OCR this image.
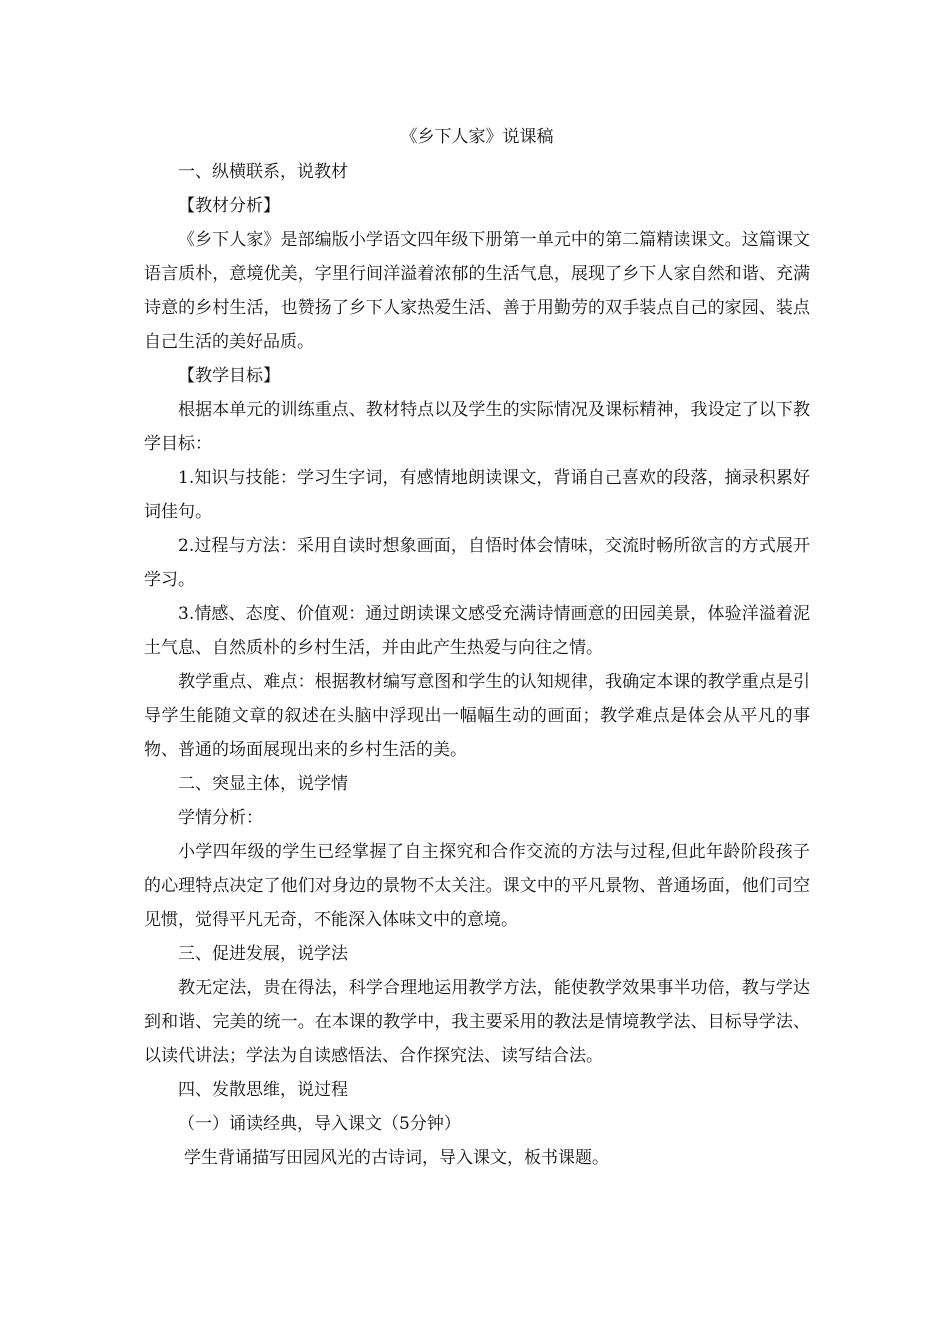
《乡下人家》说课稿

一、纵横联系，说教材

【教材分析】

《乡下人家》是部编版小学语文四年级下册第一单元中的第二篇精读课文。这篇课文语言质朴，意境优美，字里行间洋溢着浓郁的生活气息，展现了乡下人家自然和谐、充满诗意的乡村生活，也赞扬了乡下人家热爱生活、善于用勤劳的双手装点自己的家园、装点自己生活的美好品质。

【教学目标】

根据本单元的训练重点、教材特点以及学生的实际情况及课标精神，我设定了以下教学目标：

1.知识与技能：学习生字词，有感情地朗读课文，背诵自己喜欢的段落，摘录积累好词佳句。

2.过程与方法：采用自读时想象画面，自悟时体会情味，交流时畅所欲言的方式展开学习。

3.情感、态度、价值观：通过朗读课文感受充满诗情画意的田园美景，体验洋溢着泥土气息、自然质朴的乡村生活，并由此产生热爱与向往之情。

教学重点、难点：根据教材编写意图和学生的认知规律，我确定本课的教学重点是引导学生能随文章的叙述在头脑中浮现出一幅幅生动的画面；教学难点是体会从平凡的事物、普通的场面展现出来的乡村生活的美。

二、突显主体，说学情

学情分析：

小学四年级的学生已经掌握了自主探究和合作交流的方法与过程,但此年龄阶段孩子的心理特点决定了他们对身边的景物不太关注。课文中的平凡景物、普通场面，他们司空见惯，觉得平凡无奇，不能深入体味文中的意境。

三、促进发展，说学法

教无定法，贵在得法，科学合理地运用教学方法，能使教学效果事半功倍，教与学达到和谐、完美的统一。在本课的教学中，我主要采用的教法是情境教学法、目标导学法、以读代讲法；学法为自读感悟法、合作探究法、读写结合法。

四、发散思维，说过程

（一）诵读经典，导入课文（5分钟）

学生背诵描写田园风光的古诗词，导入课文，板书课题。
